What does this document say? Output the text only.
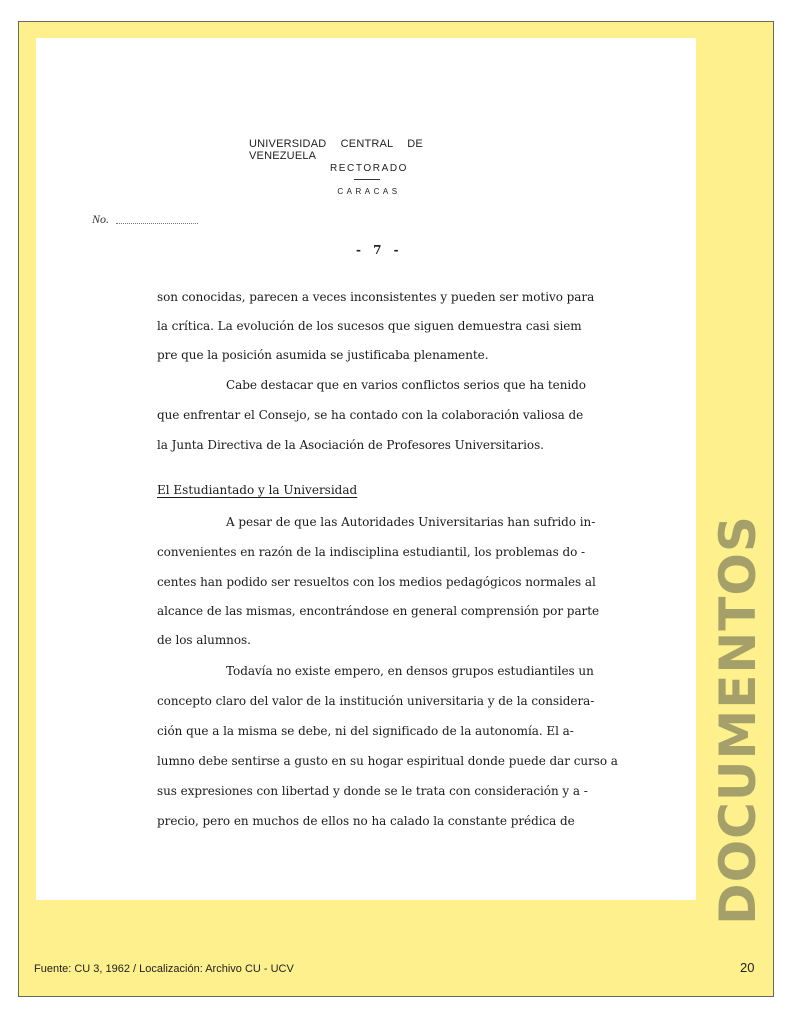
UNIVERSIDAD CENTRAL DE VENEZUELA
RECTORADO
CARACAS
No.
- 7 -
son conocidas, parecen a veces inconsistentes y pueden ser motivo para
la crítica. La evolución de los sucesos que siguen demuestra casi siem
pre que la posición asumida se justificaba plenamente.
Cabe destacar que en varios conflictos serios que ha tenido
que enfrentar el Consejo, se ha contado con la colaboración valiosa de
la Junta Directiva de la Asociación de Profesores Universitarios.
El Estudiantado y la Universidad
A pesar de que las Autoridades Universitarias han sufrido in-
convenientes en razón de la indisciplina estudiantil, los problemas do -
centes han podido ser resueltos con los medios pedagógicos normales al
alcance de las mismas, encontrándose en general comprensión por parte
de los alumnos.
Todavía no existe empero, en densos grupos estudiantiles un
concepto claro del valor de la institución universitaria y de la considera-
ción que a la misma se debe, ni del significado de la autonomía. El a-
lumno debe sentirse a gusto en su hogar espiritual donde puede dar curso a
sus expresiones con libertad y donde se le trata con consideración y a -
precio, pero en muchos de ellos no ha calado la constante prédica de	DOCUMENTOS
Fuente: CU 3, 1962 / Localización: Archivo CU - UCV	20
